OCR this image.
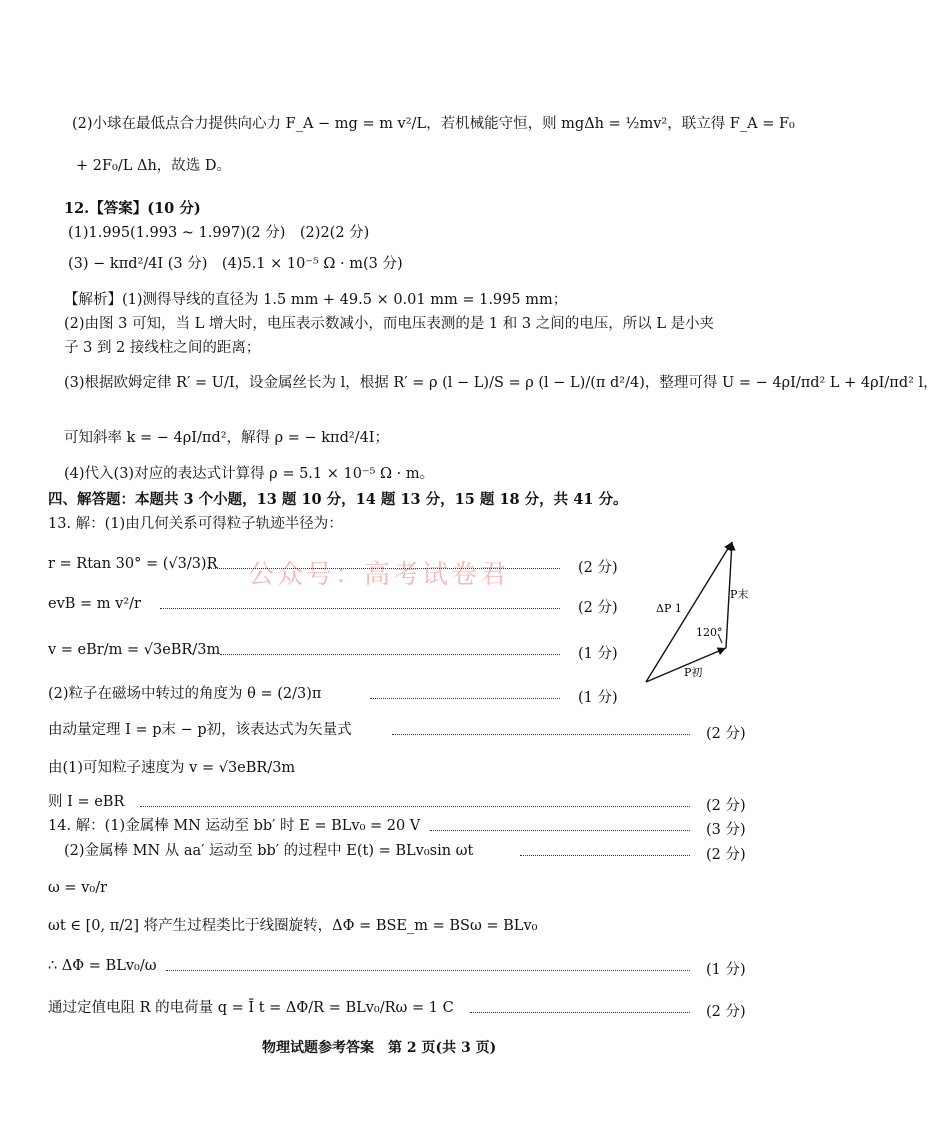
(2)小球在最低点合力提供向心力 F_A − mg = m v²/L，若机械能守恒，则 mgΔh = ½mv²，联立得 F_A = F₀
+ 2F₀/L Δh，故选 D。
12.【答案】(10 分)
(1)1.995(1.993 ~ 1.997)(2 分)　(2)2(2 分)
(3) − kπd²/4I (3 分)　(4)5.1 × 10⁻⁵ Ω · m(3 分)
【解析】(1)测得导线的直径为 1.5 mm + 49.5 × 0.01 mm = 1.995 mm；
(2)由图 3 可知，当 L 增大时，电压表示数减小，而电压表测的是 1 和 3 之间的电压，所以 L 是小夹
子 3 到 2 接线柱之间的距离；
(3)根据欧姆定律 R′ = U/I，设金属丝长为 l，根据 R′ = ρ (l − L)/S = ρ (l − L)/(π d²/4)，整理可得 U = − 4ρI/πd² L + 4ρI/πd² l，
可知斜率 k = − 4ρI/πd²，解得 ρ = − kπd²/4I；
(4)代入(3)对应的表达式计算得 ρ = 5.1 × 10⁻⁵ Ω · m。
四、解答题：本题共 3 个小题，13 题 10 分，14 题 13 分，15 题 18 分，共 41 分。
13. 解：(1)由几何关系可得粒子轨迹半径为：
公众号：高考试卷君
r = Rtan 30° = (√3/3)R	(2 分)
evB = m v²/r	(2 分)
v = eBr/m = √3eBR/3m	(1 分)
(2)粒子在磁场中转过的角度为 θ = (2/3)π	(1 分)
由动量定理 I = p末 − p初，该表达式为矢量式	(2 分)
由(1)可知粒子速度为 v = √3eBR/3m
则 I = eBR	(2 分)
14. 解：(1)金属棒 MN 运动至 bb′ 时 E = BLv₀ = 20 V	(3 分)
(2)金属棒 MN 从 aa′ 运动至 bb′ 的过程中 E(t) = BLv₀sin ωt	(2 分)
ω = v₀/r
ωt ∈ [0, π/2] 将产生过程类比于线圈旋转，ΔΦ = BSE_m = BSω = BLv₀
∴ ΔΦ = BLv₀/ω	(1 分)
通过定值电阻 R 的电荷量 q = Ī t = ΔΦ/R = BLv₀/Rω = 1 C	(2 分)
物理试题参考答案　第 2 页(共 3 页)
ΔP 1
P末
120°
P初
